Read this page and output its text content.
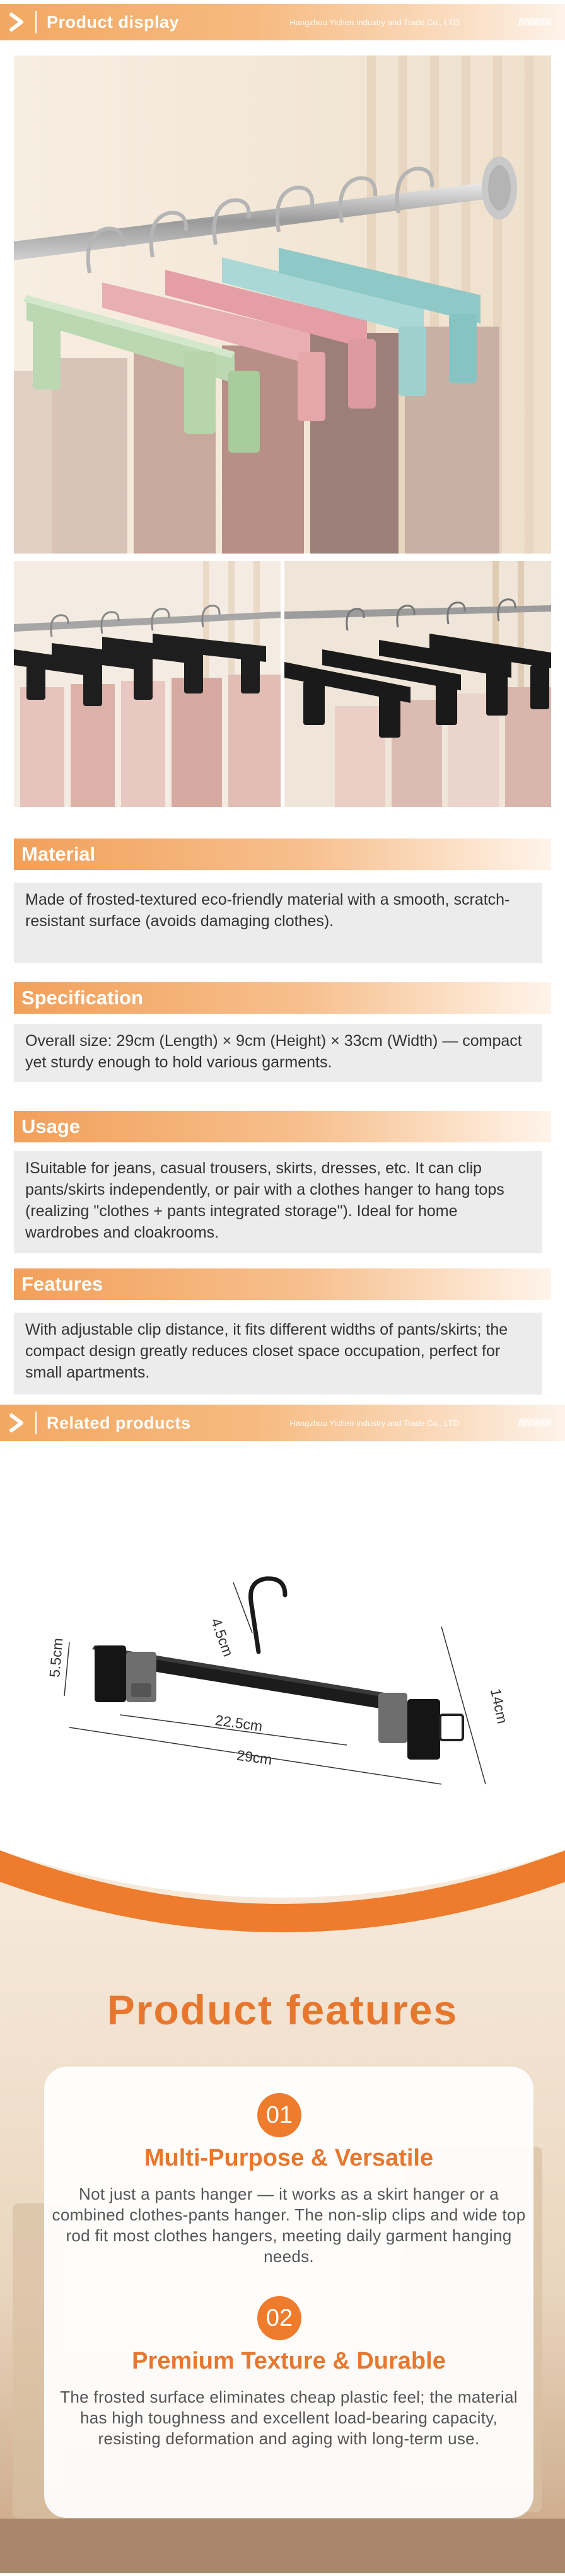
Product display	Hangzhou Yichen Industry and Trade Co., LTD	//////////////
Material
Made of frosted-textured eco-friendly material with a smooth, scratch-resistant surface (avoids damaging clothes).
Specification
Overall size: 29cm (Length) × 9cm (Height) × 33cm (Width) — compact yet sturdy enough to hold various garments.
Usage
ISuitable for jeans, casual trousers, skirts, dresses, etc. It can clip pants/skirts independently, or pair with a clothes hanger to hang tops (realizing "clothes + pants integrated storage"). Ideal for home wardrobes and cloakrooms.
Features
With adjustable clip distance, it fits different widths of pants/skirts; the compact design greatly reduces closet space occupation, perfect for small apartments.
Related products	Hangzhou Yichen Industry and Trade Co., LTD	//////////////
5.5cm	4.5cm
22.5cm
29cm
14cm
Product features
01
Multi-Purpose & Versatile
Not just a pants hanger — it works as a skirt hanger or a combined clothes-pants hanger. The non-slip clips and wide top rod fit most clothes hangers, meeting daily garment hanging needs.
02
Premium Texture & Durable
The frosted surface eliminates cheap plastic feel; the material has high toughness and excellent load-bearing capacity, resisting deformation and aging with long-term use.
